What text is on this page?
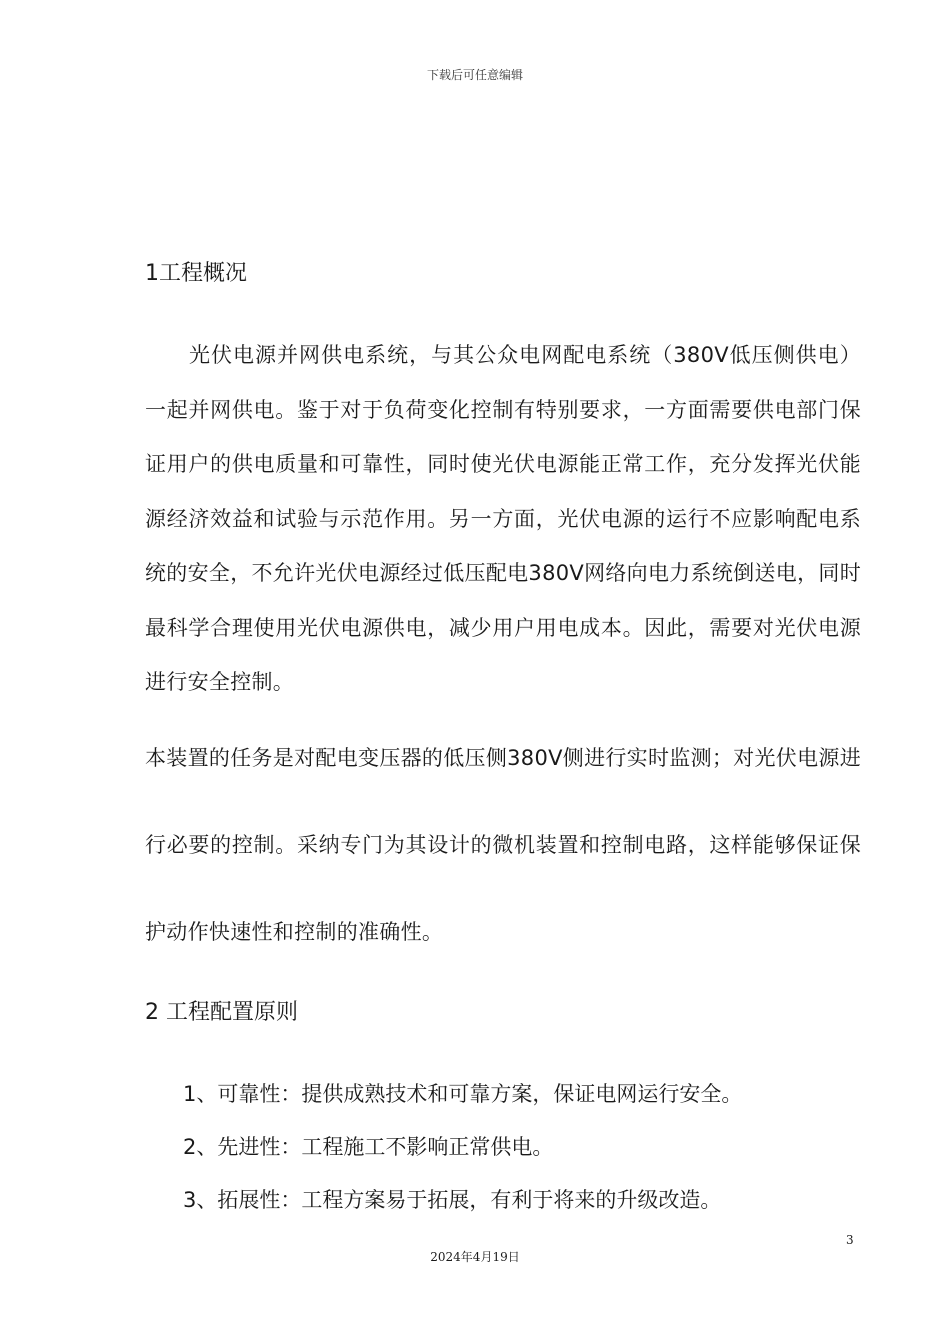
下载后可任意编辑
1工程概况

光伏电源并网供电系统，与其公众电网配电系统（380V低压侧供电）一起并网供电。鉴于对于负荷变化控制有特别要求，一方面需要供电部门保证用户的供电质量和可靠性，同时使光伏电源能正常工作，充分发挥光伏能源经济效益和试验与示范作用。另一方面，光伏电源的运行不应影响配电系统的安全，不允许光伏电源经过低压配电380V网络向电力系统倒送电，同时最科学合理使用光伏电源供电，减少用户用电成本。因此，需要对光伏电源进行安全控制。

本装置的任务是对配电变压器的低压侧380V侧进行实时监测；对光伏电源进行必要的控制。采纳专门为其设计的微机装置和控制电路，这样能够保证保护动作快速性和控制的准确性。

2 工程配置原则
1、可靠性：提供成熟技术和可靠方案，保证电网运行安全。
2、先进性：工程施工不影响正常供电。
3、拓展性：工程方案易于拓展，有利于将来的升级改造。
3
2024年4月19日
